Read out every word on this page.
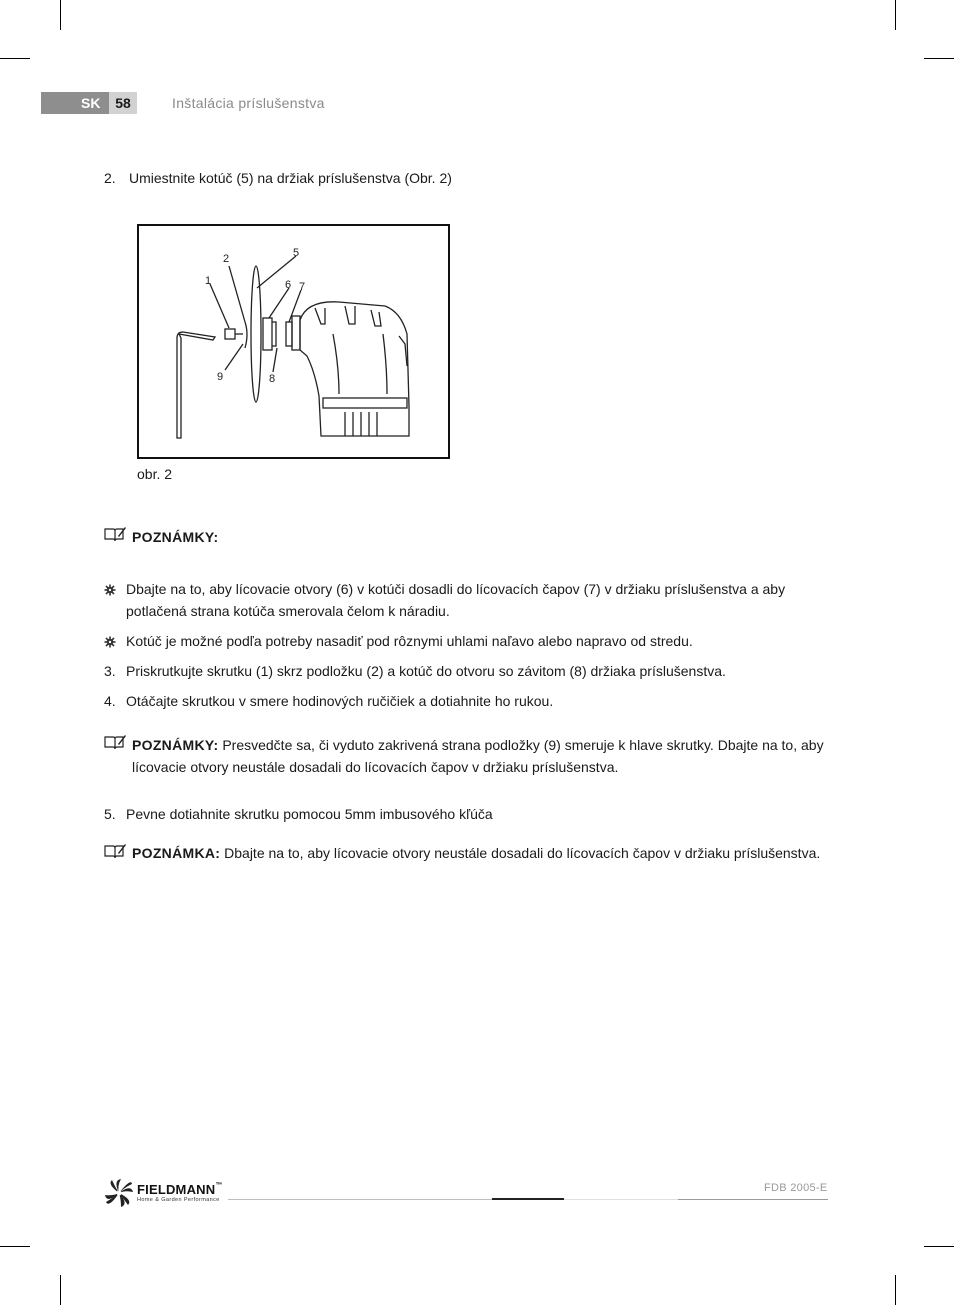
SK	58	Inštalácia príslušenstva
2. Umiestnite kotúč (5) na držiak príslušenstva (Obr. 2)
1
2	5
6 7
9	8
obr. 2
POZNÁMKY:
Dbajte na to, aby lícovacie otvory (6) v kotúči dosadli do lícovacích čapov (7) v držiaku príslušenstva a aby potlačená strana kotúča smerovala čelom k náradiu.
Kotúč je možné podľa potreby nasadiť pod rôznymi uhlami naľavo alebo napravo od stredu.
3. Priskrutkujte skrutku (1) skrz podložku (2) a kotúč do otvoru so závitom (8) držiaka príslušenstva.
4. Otáčajte skrutkou v smere hodinových ručičiek a dotiahnite ho rukou.
POZNÁMKY: Presvedčte sa, či vyduto zakrivená strana podložky (9) smeruje k hlave skrutky. Dbajte na to, aby lícovacie otvory neustále dosadali do lícovacích čapov v držiaku príslušenstva.
5. Pevne dotiahnite skrutku pomocou 5mm imbusového kľúča
POZNÁMKA: Dbajte na to, aby lícovacie otvory neustále dosadali do lícovacích čapov v držiaku príslušenstva.
FIELDMANN™
Home & Garden Performance
FDB 2005-E
